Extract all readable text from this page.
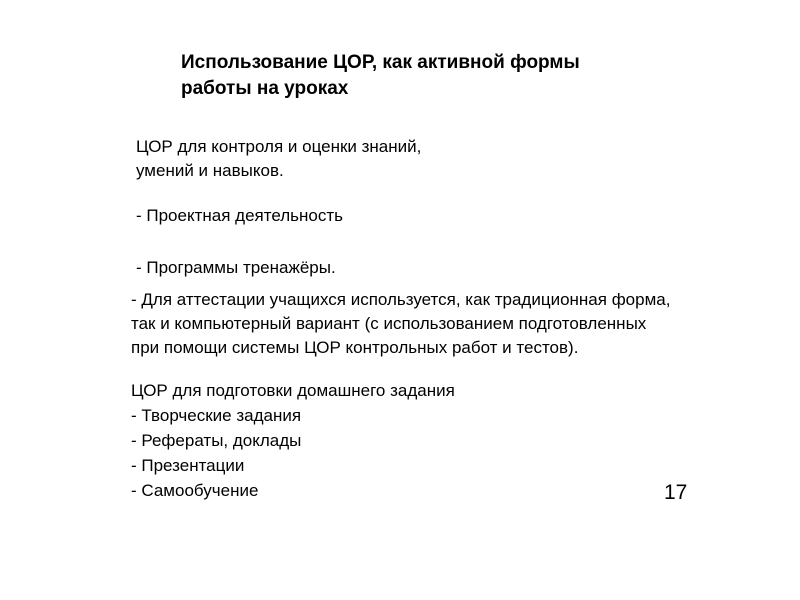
Использование ЦОР, как активной формы
работы на уроках
ЦОР для контроля и оценки знаний,
умений и навыков.
- Проектная деятельность
- Программы тренажёры.
- Для аттестации учащихся используется, как традиционная форма,
так и компьютерный вариант (с использованием подготовленных
при помощи системы ЦОР контрольных работ и тестов).
ЦОР для подготовки домашнего задания
- Творческие задания
- Рефераты, доклады
- Презентации
- Самообучение	17
